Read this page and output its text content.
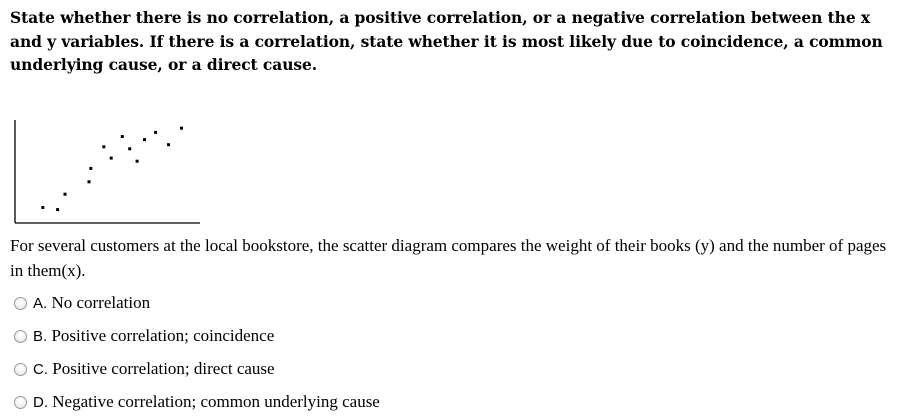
State whether there is no correlation, a positive correlation, or a negative correlation between the x and y variables. If there is a correlation, state whether it is most likely due to coincidence, a common underlying cause, or a direct cause.
For several customers at the local bookstore, the scatter diagram compares the weight of their books (y) and the number of pages in them(x).
A. No correlation
B. Positive correlation; coincidence
C. Positive correlation; direct cause
D. Negative correlation; common underlying cause
